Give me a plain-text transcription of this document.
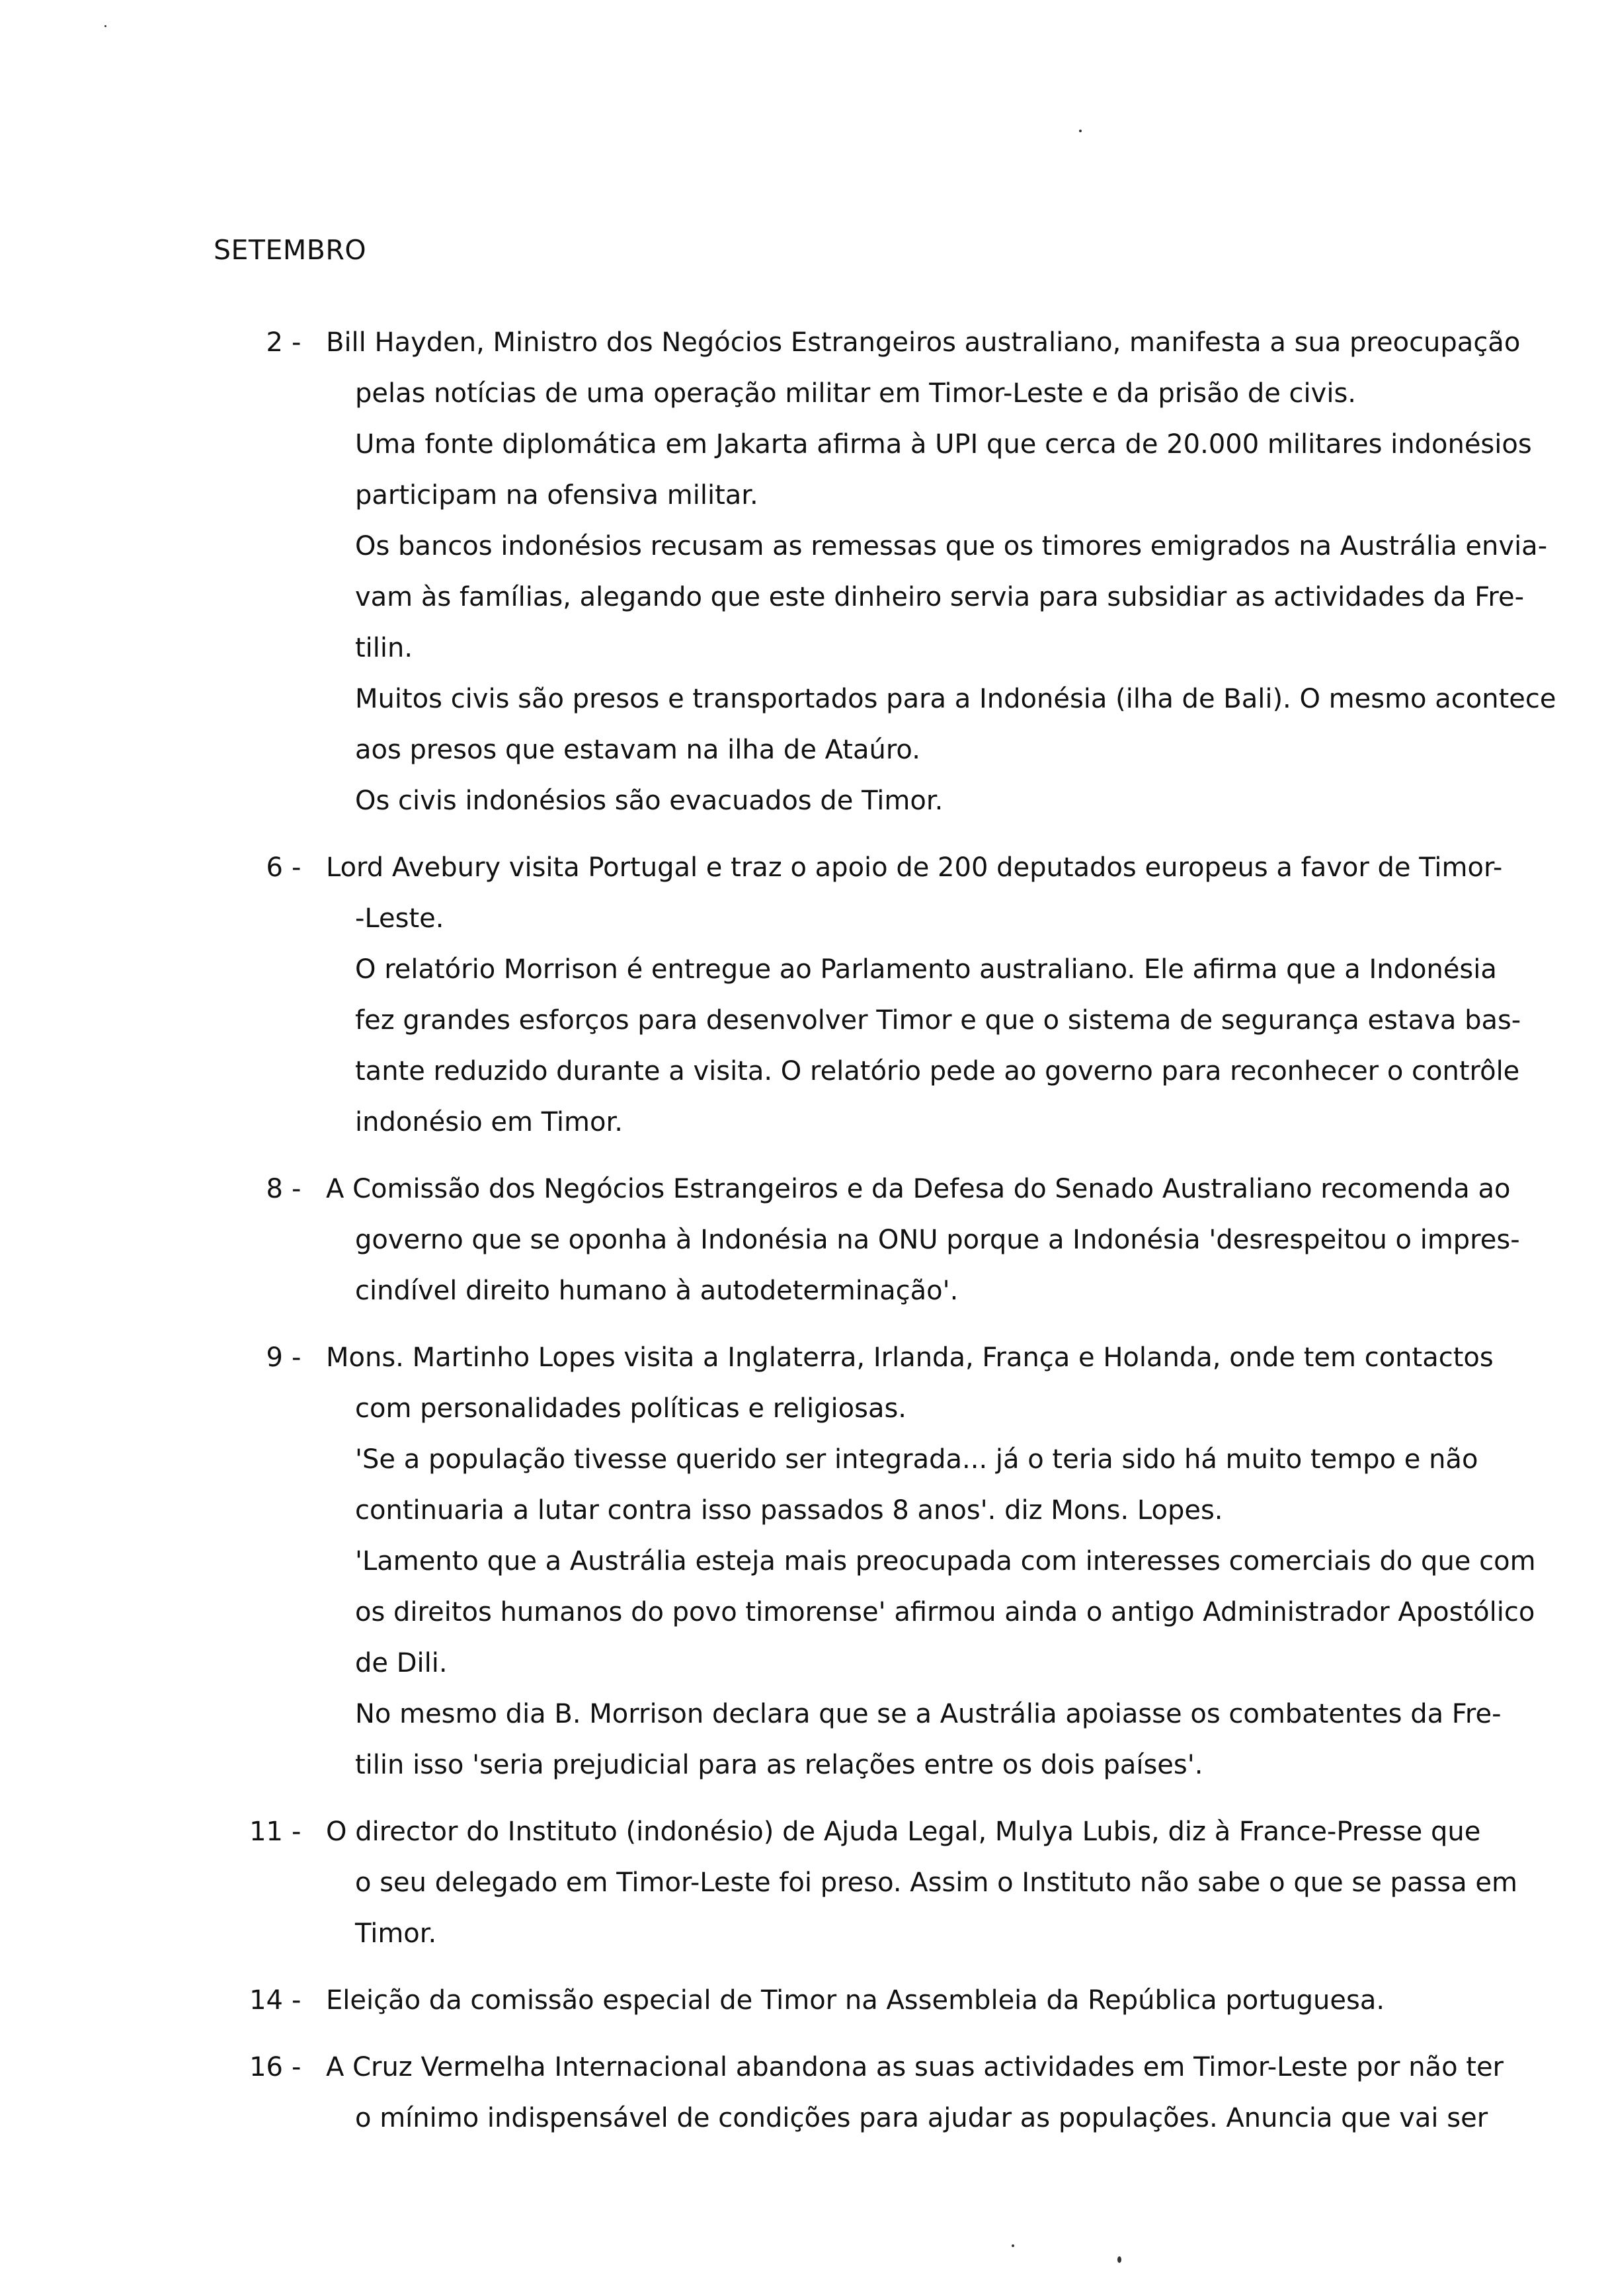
SETEMBRO
2 - Bill Hayden, Ministro dos Negócios Estrangeiros australiano, manifesta a sua preocupação
pelas notícias de uma operação militar em Timor-Leste e da prisão de civis.
Uma fonte diplomática em Jakarta afirma à UPI que cerca de 20.000 militares indonésios
participam na ofensiva militar.
Os bancos indonésios recusam as remessas que os timores emigrados na Austrália envia-
vam às famílias, alegando que este dinheiro servia para subsidiar as actividades da Fre-
tilin.
Muitos civis são presos e transportados para a Indonésia (ilha de Bali). O mesmo acontece
aos presos que estavam na ilha de Ataúro.
Os civis indonésios são evacuados de Timor.
6 - Lord Avebury visita Portugal e traz o apoio de 200 deputados europeus a favor de Timor-
-Leste.
O relatório Morrison é entregue ao Parlamento australiano. Ele afirma que a Indonésia
fez grandes esforços para desenvolver Timor e que o sistema de segurança estava bas-
tante reduzido durante a visita. O relatório pede ao governo para reconhecer o contrôle
indonésio em Timor.
8 - A Comissão dos Negócios Estrangeiros e da Defesa do Senado Australiano recomenda ao
governo que se oponha à Indonésia na ONU porque a Indonésia 'desrespeitou o impres-
cindível direito humano à autodeterminação'.
9 - Mons. Martinho Lopes visita a Inglaterra, Irlanda, França e Holanda, onde tem contactos
com personalidades políticas e religiosas.
'Se a população tivesse querido ser integrada... já o teria sido há muito tempo e não
continuaria a lutar contra isso passados 8 anos'. diz Mons. Lopes.
'Lamento que a Austrália esteja mais preocupada com interesses comerciais do que com
os direitos humanos do povo timorense' afirmou ainda o antigo Administrador Apostólico
de Dili.
No mesmo dia B. Morrison declara que se a Austrália apoiasse os combatentes da Fre-
tilin isso 'seria prejudicial para as relações entre os dois países'.
11 - O director do Instituto (indonésio) de Ajuda Legal, Mulya Lubis, diz à France-Presse que
o seu delegado em Timor-Leste foi preso. Assim o Instituto não sabe o que se passa em
Timor.
14 - Eleição da comissão especial de Timor na Assembleia da República portuguesa.
16 - A Cruz Vermelha Internacional abandona as suas actividades em Timor-Leste por não ter
o mínimo indispensável de condições para ajudar as populações. Anuncia que vai ser
